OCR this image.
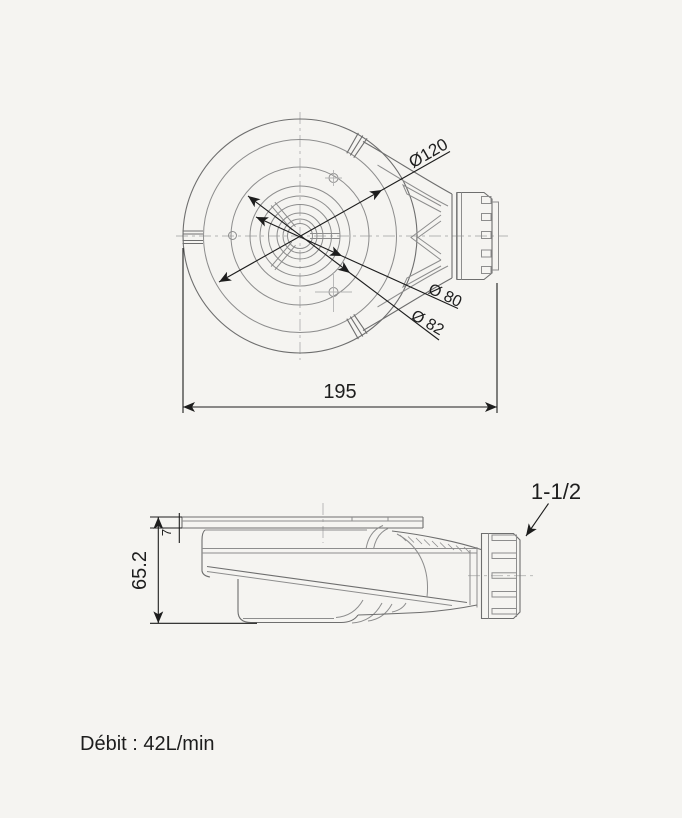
Ø120
Ø 80
Ø 82
195
65.2
7
1-1/2
Débit : 42L/min
